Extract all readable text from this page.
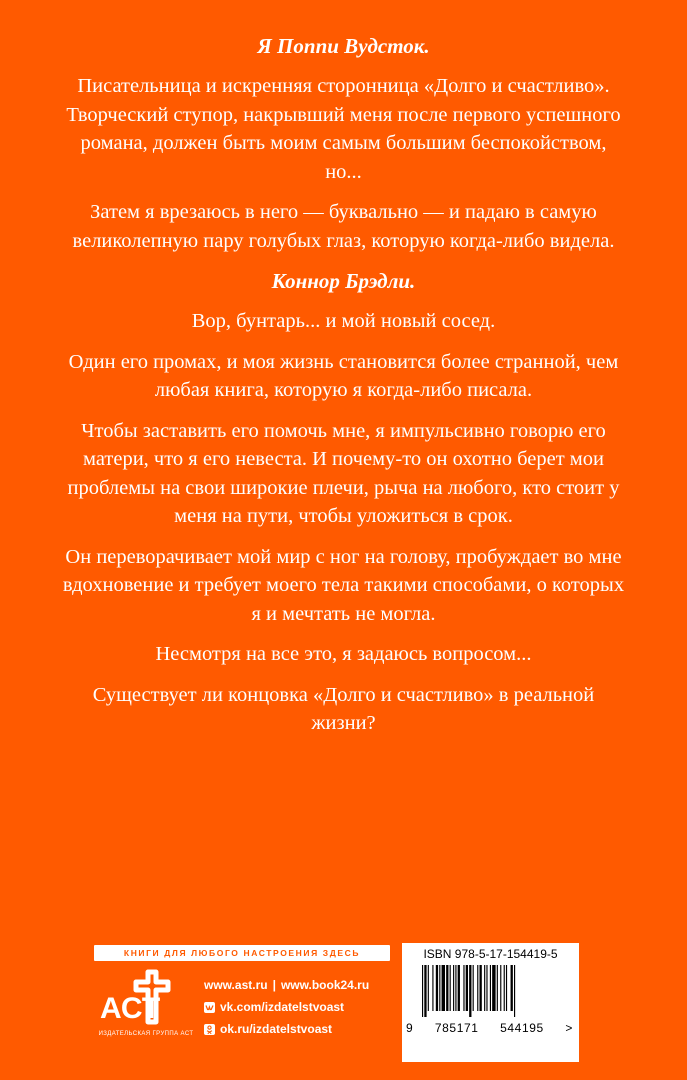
Я Поппи Вудсток.

Писательница и искренняя сторонница «Долго и счастливо». Творческий ступор, накрывший меня после первого успешного романа, должен быть моим самым большим беспокойством, но...

Затем я врезаюсь в него — буквально — и падаю в самую великолепную пару голубых глаз, которую когда-либо видела.

Коннор Брэдли.

Вор, бунтарь... и мой новый сосед.

Один его промах, и моя жизнь становится более странной, чем любая книга, которую я когда-либо писала.

Чтобы заставить его помочь мне, я импульсивно говорю его матери, что я его невеста. И почему-то он охотно берет мои проблемы на свои широкие плечи, рыча на любого, кто стоит у меня на пути, чтобы уложиться в срок.

Он переворачивает мой мир с ног на голову, пробуждает во мне вдохновение и требует моего тела такими способами, о которых я и мечтать не могла.

Несмотря на все это, я задаюсь вопросом...

Существует ли концовка «Долго и счастливо» в реальной жизни?

КНИГИ ДЛЯ ЛЮБОГО НАСТРОЕНИЯ ЗДЕСЬ
АСТ
ИЗДАТЕЛЬСКАЯ ГРУППА АСТ
www.ast.ru | www.book24.ru
vk.com/izdatelstvoast
ok.ru/izdatelstvoast
ISBN 978-5-17-154419-5
9 785171 544195 >
